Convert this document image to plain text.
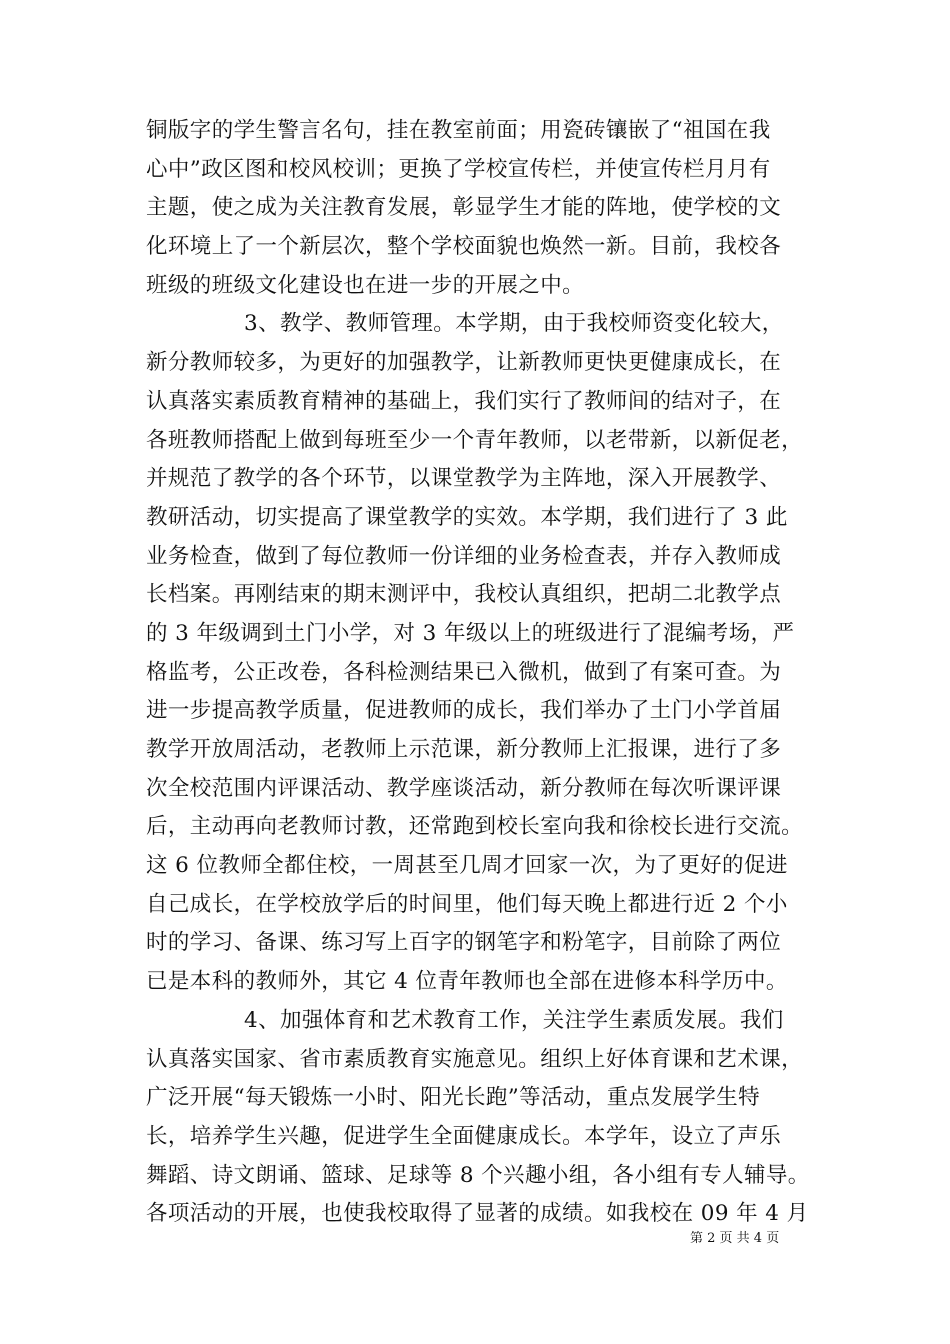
铜版字的学生警言名句，挂在教室前面；用瓷砖镶嵌了“祖国在我
心中”政区图和校风校训；更换了学校宣传栏，并使宣传栏月月有
主题，使之成为关注教育发展，彰显学生才能的阵地，使学校的文
化环境上了一个新层次，整个学校面貌也焕然一新。目前，我校各
班级的班级文化建设也在进一步的开展之中。
3、教学、教师管理。本学期，由于我校师资变化较大，
新分教师较多，为更好的加强教学，让新教师更快更健康成长，在
认真落实素质教育精神的基础上，我们实行了教师间的结对子，在
各班教师搭配上做到每班至少一个青年教师，以老带新，以新促老，
并规范了教学的各个环节，以课堂教学为主阵地，深入开展教学、
教研活动，切实提高了课堂教学的实效。本学期，我们进行了 3 此
业务检查，做到了每位教师一份详细的业务检查表，并存入教师成
长档案。再刚结束的期末测评中，我校认真组织，把胡二北教学点
的 3 年级调到土门小学，对 3 年级以上的班级进行了混编考场，严
格监考，公正改卷，各科检测结果已入微机，做到了有案可查。为
进一步提高教学质量，促进教师的成长，我们举办了土门小学首届
教学开放周活动，老教师上示范课，新分教师上汇报课，进行了多
次全校范围内评课活动、教学座谈活动，新分教师在每次听课评课
后，主动再向老教师讨教，还常跑到校长室向我和徐校长进行交流。
这 6 位教师全都住校，一周甚至几周才回家一次，为了更好的促进
自己成长，在学校放学后的时间里，他们每天晚上都进行近 2 个小
时的学习、备课、练习写上百字的钢笔字和粉笔字，目前除了两位
已是本科的教师外，其它 4 位青年教师也全部在进修本科学历中。
4、加强体育和艺术教育工作，关注学生素质发展。我们
认真落实国家、省市素质教育实施意见。组织上好体育课和艺术课，
广泛开展“每天锻炼一小时、阳光长跑”等活动，重点发展学生特
长，培养学生兴趣，促进学生全面健康成长。本学年，设立了声乐
舞蹈、诗文朗诵、篮球、足球等 8 个兴趣小组，各小组有专人辅导。
各项活动的开展，也使我校取得了显著的成绩。如我校在 09 年 4 月
第 2 页 共 4 页
